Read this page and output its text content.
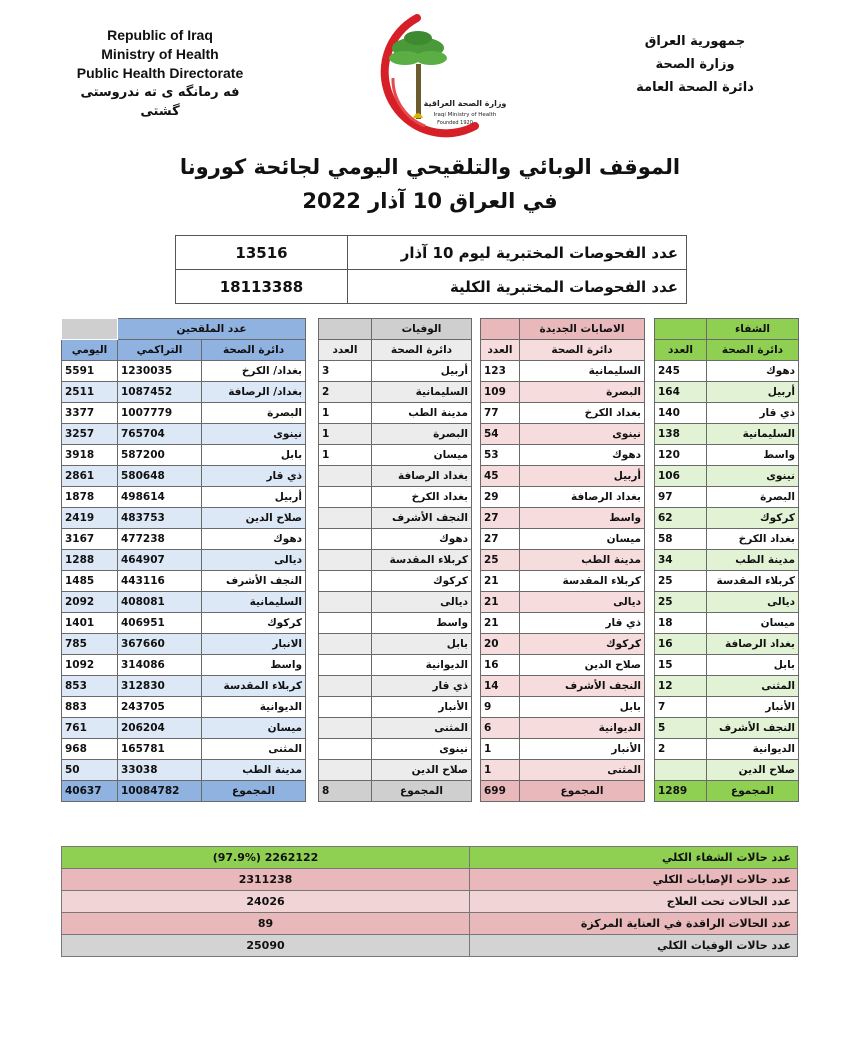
Republic of Iraq
Ministry of Health
Public Health Directorate
فه رمانگه ی ته ندروستی گشتی
جمهورية العراق
وزارة الصحة
دائرة الصحة العامة
وزارة الصحة العراقية
Iraqi Ministry of Health
Founded 1920
الموقف الوبائي والتلقيحي اليومي لجائحة كورونا
في العراق 10 آذار 2022
13516	عدد الفحوصات المختبرية ليوم 10 آذار
18113388	عدد الفحوصات المختبرية الكلية
	عدد الملقحين	
اليومي	التراكمي	دائرة الصحة
5591	1230035	بغداد/ الكرخ
2511	1087452	بغداد/ الرصافة
3377	1007779	البصرة
3257	765704	نينوى
3918	587200	بابل
2861	580648	ذي قار
1878	498614	أربيل
2419	483753	صلاح الدين
3167	477238	دهوك
1288	464907	ديالى
1485	443116	النجف الأشرف
2092	408081	السليمانية
1401	406951	كركوك
785	367660	الانبار
1092	314086	واسط
853	312830	كربلاء المقدسة
883	243705	الديوانية
761	206204	ميسان
968	165781	المثنى
50	33038	مدينة الطب
40637	10084782	المجموع
	الوفيات
العدد	دائرة الصحة
3	أربيل
2	السليمانية
1	مدينة الطب
1	البصرة
1	ميسان
	بغداد الرصافة
	بغداد الكرخ
	النجف الأشرف
	دهوك
	كربلاء المقدسة
	كركوك
	ديالى
	واسط
	بابل
	الديوانية
	ذي قار
	الأنبار
	المثنى
	نينوى
	صلاح الدين
8	المجموع
	الاصابات الجديدة
العدد	دائرة الصحة
123	السليمانية
109	البصرة
77	بغداد الكرخ
54	نينوى
53	دهوك
45	أربيل
29	بغداد الرصافة
27	واسط
27	ميسان
25	مدينة الطب
21	كربلاء المقدسة
21	ديالى
21	ذي قار
20	كركوك
16	صلاح الدين
14	النجف الأشرف
9	بابل
6	الديوانية
1	الأنبار
1	المثنى
699	المجموع
	الشفاء
العدد	دائرة الصحة
245	دهوك
164	أربيل
140	ذي قار
138	السليمانية
120	واسط
106	نينوى
97	البصرة
62	كركوك
58	بغداد الكرخ
34	مدينة الطب
25	كربلاء المقدسة
25	ديالى
18	ميسان
16	بغداد الرصافة
15	بابل
12	المثنى
7	الأنبار
5	النجف الأشرف
2	الديوانية
	صلاح الدين
1289	المجموع
(97.9%) 2262122	عدد حالات الشفاء الكلي
2311238	عدد حالات الإصابات الكلي
24026	عدد الحالات تحت العلاج
89	عدد الحالات الراقدة في العناية المركزة
25090	عدد حالات الوفيات الكلي
